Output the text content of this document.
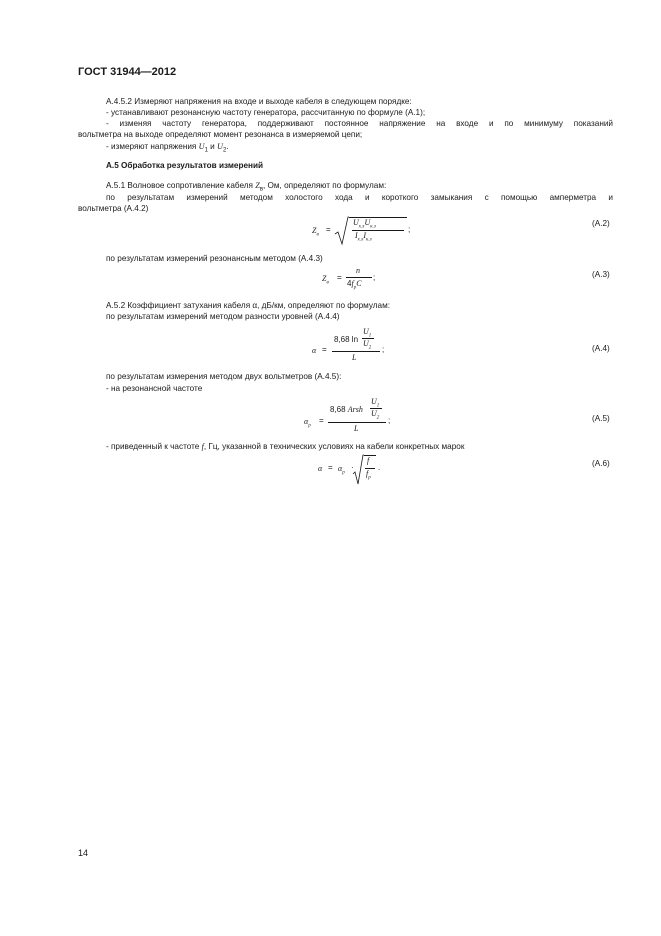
ГОСТ 31944—2012
А.4.5.2 Измеряют напряжения на входе и выходе кабеля в следующем порядке:
- устанавливают резонансную частоту генератора, рассчитанную по формуле (А.1);
- изменяя частоту генератора, поддерживают постоянное напряжение на входе и по минимуму показаний
вольтметра на выходе определяют момент резонанса в измеряемой цепи;
- измеряют напряжения $U_1$ и $U_2$.
А.5 Обработка результатов измерений
А.5.1 Волновое сопротивление кабеля $Z_в$, Ом, определяют по формулам:
по результатам измерений методом холостого хода и короткого замыкания с помощью амперметра и
вольтметра (А.4.2)
$Z_в$
=
$U_{х.х}U_{к.з}$
$I_{х.х}I_{к.з}$
;
(А.2)
по результатам измерений резонансным методом (А.4.3)
$Z_в$
=
n
$4f_pC$
;	(А.3)
А.5.2 Коэффициент затухания кабеля α, дБ/км, определяют по формулам:
по результатам измерений методом разности уровней (А.4.4)
α =
8,68 ln
$U_1$
$U_2$
L
;	(А.4)
по результатам измерения методом двух вольтметров (А.4.5):
- на резонансной частоте
$\alpha_p$
=
8,68 Arsh
$U_1$
$U_2$
L
;	(А.5)
- приведенный к частоте f, Гц, указанной в технических условиях на кабели конкретных марок
$\alpha = \alpha_p$
·
f
$f_p$
.	(А.6)
14
